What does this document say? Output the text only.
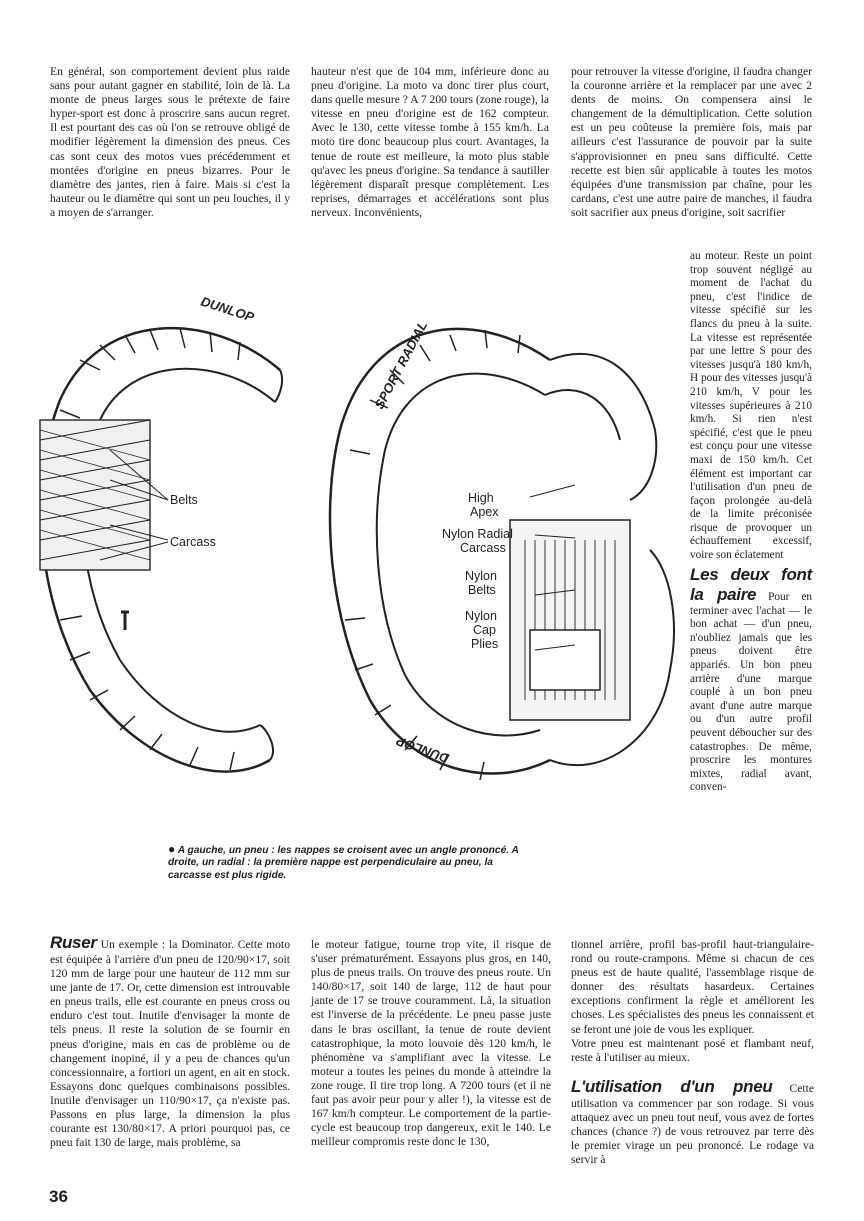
En général, son comportement devient plus raide sans pour autant gagner en stabilité, loin de là. La monte de pneus larges sous le prétexte de faire hyper-sport est donc à proscrire sans aucun regret. Il est pourtant des cas où l'on se retrouve obligé de modifier légèrement la dimension des pneus. Ces cas sont ceux des motos vues précédemment et montées d'origine en pneus bizarres. Pour le diamètre des jantes, rien à faire. Mais si c'est la hauteur ou le diamètre qui sont un peu louches, il y a moyen de s'arranger.

hauteur n'est que de 104 mm, inférieure donc au pneu d'origine. La moto va donc tirer plus court, dans quelle mesure ? A 7 200 tours (zone rouge), la vitesse en pneu d'origine est de 162 compteur. Avec le 130, cette vitesse tombe à 155 km/h. La moto tire donc beaucoup plus court. Avantages, la tenue de route est meilleure, la moto plus stable qu'avec les pneus d'origine. Sa tendance à sautiller légèrement disparaît presque complètement. Les reprises, démarrages et accélérations sont plus nerveux. Inconvénients,

pour retrouver la vitesse d'origine, il faudra changer la couronne arrière et la remplacer par une avec 2 dents de moins. On compensera ainsi le changement de la démultiplication. Cette solution est un peu coûteuse la première fois, mais par ailleurs c'est l'assurance de pouvoir par la suite s'approvisionner en pneu sans difficulté. Cette recette est bien sûr applicable à toutes les motos équipées d'une transmission par chaîne, pour les cardans, c'est une autre paire de manches, il faudra soit sacrifier aux pneus d'origine, soit sacrifier

au moteur. Reste un point trop souvent négligé au moment de l'achat du pneu, c'est l'indice de vitesse spécifié sur les flancs du pneu à la suite. La vitesse est représentée par une lettre S pour des vitesses jusqu'à 180 km/h, H pour des vitesses jusqu'à 210 km/h, V pour les vitesses supérieures à 210 km/h. Si rien n'est spécifié, c'est que le pneu est conçu pour une vitesse maxi de 150 km/h. Cet élément est important car l'utilisation d'un pneu de façon prolongée au-delà de la limite préconisée risque de provoquer un échauffement excessif, voire son éclatement

Les deux font la paire Pour en terminer avec l'achat — le bon achat — d'un pneu, n'oubliez jamais que les pneus doivent être appariés. Un bon pneu arrière d'une marque couplé à un bon pneu avant d'une autre marque ou d'un autre profil peuvent déboucher sur des catastrophes. De même, proscrire les montures mixtes, radial avant, conven-

DUNLOP
SPORT RADIAL
DUNLOP
Belts
Carcass
High
Apex
Nylon Radial
Carcass
Nylon
Belts
Nylon
Cap
Plies
● A gauche, un pneu : les nappes se croisent avec un angle prononcé. A droite, un radial : la première nappe est perpendiculaire au pneu, la carcasse est plus rigide.

Ruser Un exemple : la Dominator. Cette moto est équipée à l'arrière d'un pneu de 120/90×17, soit 120 mm de large pour une hauteur de 112 mm sur une jante de 17. Or, cette dimension est introuvable en pneus trails, elle est courante en pneus cross ou enduro c'est tout. Inutile d'envisager la monte de tels pneus. Il reste la solution de se fournir en pneus d'origine, mais en cas de problème ou de changement inopiné, il y a peu de chances qu'un concessionnaire, a fortiori un agent, en ait en stock. Essayons donc quelques combinaisons possibles. Inutile d'envisager un 110/90×17, ça n'existe pas. Passons en plus large, la dimension la plus courante est 130/80×17. A priori pourquoi pas, ce pneu fait 130 de large, mais problème, sa

le moteur fatigue, tourne trop vite, il risque de s'user prématurément. Essayons plus gros, en 140, plus de pneus trails. On trouve des pneus route. Un 140/80×17, soit 140 de large, 112 de haut pour jante de 17 se trouve couramment. Là, la situation est l'inverse de la précédente. Le pneu passe juste dans le bras oscillant, la tenue de route devient catastrophique, la moto louvoie dès 120 km/h, le phénomène va s'amplifiant avec la vitesse. Le moteur a toutes les peines du monde à atteindre la zone rouge. Il tire trop long. A 7200 tours (et il ne faut pas avoir peur pour y aller !), la vitesse est de 167 km/h compteur. Le comportement de la partie-cycle est beaucoup trop dangereux, exit le 140. Le meilleur compromis reste donc le 130,

tionnel arrière, profil bas-profil haut-triangulaire-rond ou route-crampons. Même si chacun de ces pneus est de haute qualité, l'assemblage risque de donner des résultats hasardeux. Certaines exceptions confirment la règle et améliorent les choses. Les spécialistes des pneus les connaissent et se feront une joie de vous les expliquer.

Votre pneu est maintenant posé et flambant neuf, reste à l'utiliser au mieux.

L'utilisation d'un pneu Cette utilisation va commencer par son rodage. Si vous attaquez avec un pneu tout neuf, vous avez de fortes chances (chance ?) de vous retrouvez par terre dès le premier virage un peu prononcé. Le rodage va servir à

36
